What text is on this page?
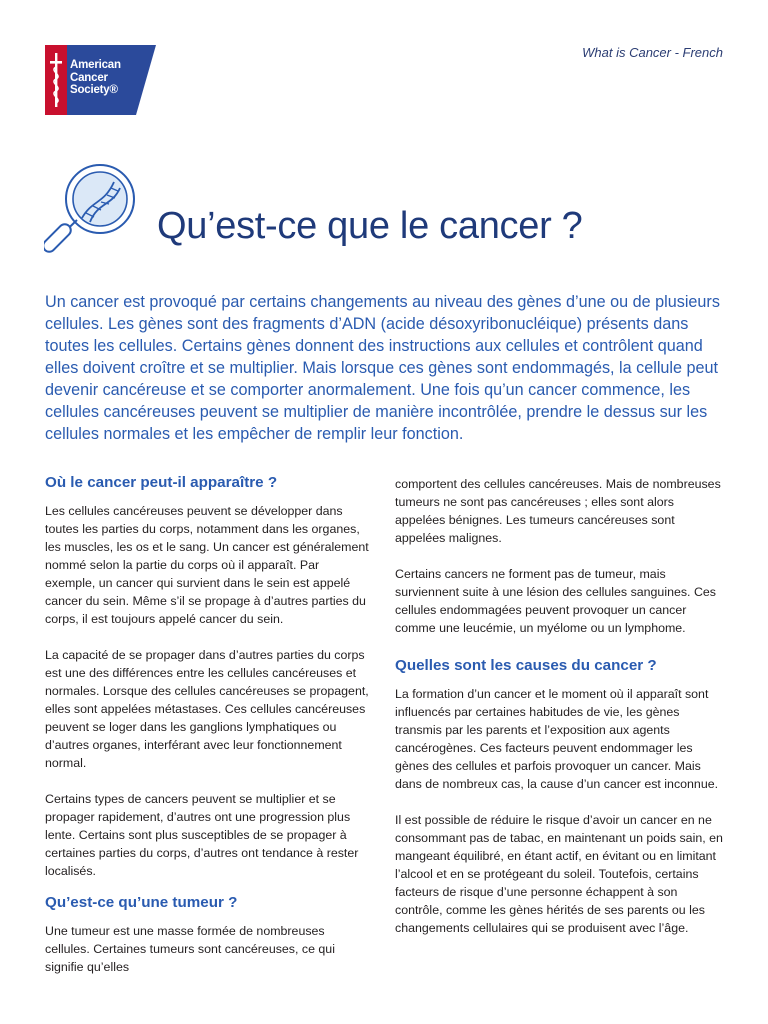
American
Cancer
Society®
What is Cancer - French
Qu’est-ce que le cancer ?

Un cancer est provoqué par certains changements au niveau des gènes d’une ou de plusieurs cellules. Les gènes sont des fragments d’ADN (acide désoxyribonucléique) présents dans toutes les cellules. Certains gènes donnent des instructions aux cellules et contrôlent quand elles doivent croître et se multiplier. Mais lorsque ces gènes sont endommagés, la cellule peut devenir cancéreuse et se comporter anormalement. Une fois qu’un cancer commence, les cellules cancéreuses peuvent se multiplier de manière incontrôlée, prendre le dessus sur les cellules normales et les empêcher de remplir leur fonction.

Où le cancer peut-il apparaître ?

Les cellules cancéreuses peuvent se développer dans toutes les parties du corps, notamment dans les organes, les muscles, les os et le sang. Un cancer est généralement nommé selon la partie du corps où il apparaît. Par exemple, un cancer qui survient dans le sein est appelé cancer du sein. Même s’il se propage à d’autres parties du corps, il est toujours appelé cancer du sein.

La capacité de se propager dans d’autres parties du corps est une des différences entre les cellules cancéreuses et normales. Lorsque des cellules cancéreuses se propagent, elles sont appelées métastases. Ces cellules cancéreuses peuvent se loger dans les ganglions lymphatiques ou d’autres organes, interférant avec leur fonctionnement normal.

Certains types de cancers peuvent se multiplier et se propager rapidement, d’autres ont une progression plus lente. Certains sont plus susceptibles de se propager à certaines parties du corps, d’autres ont tendance à rester localisés.

Qu’est-ce qu’une tumeur ?

Une tumeur est une masse formée de nombreuses cellules. Certaines tumeurs sont cancéreuses, ce qui signifie qu’elles

comportent des cellules cancéreuses. Mais de nombreuses tumeurs ne sont pas cancéreuses ; elles sont alors appelées bénignes. Les tumeurs cancéreuses sont appelées malignes.

Certains cancers ne forment pas de tumeur, mais surviennent suite à une lésion des cellules sanguines. Ces cellules endommagées peuvent provoquer un cancer comme une leucémie, un myélome ou un lymphome.

Quelles sont les causes du cancer ?

La formation d’un cancer et le moment où il apparaît sont influencés par certaines habitudes de vie, les gènes transmis par les parents et l’exposition aux agents cancérogènes. Ces facteurs peuvent endommager les gènes des cellules et parfois provoquer un cancer. Mais dans de nombreux cas, la cause d’un cancer est inconnue.

Il est possible de réduire le risque d’avoir un cancer en ne consommant pas de tabac, en maintenant un poids sain, en mangeant équilibré, en étant actif, en évitant ou en limitant l’alcool et en se protégeant du soleil. Toutefois, certains facteurs de risque d’une personne échappent à son contrôle, comme les gènes hérités de ses parents ou les changements cellulaires qui se produisent avec l’âge.
